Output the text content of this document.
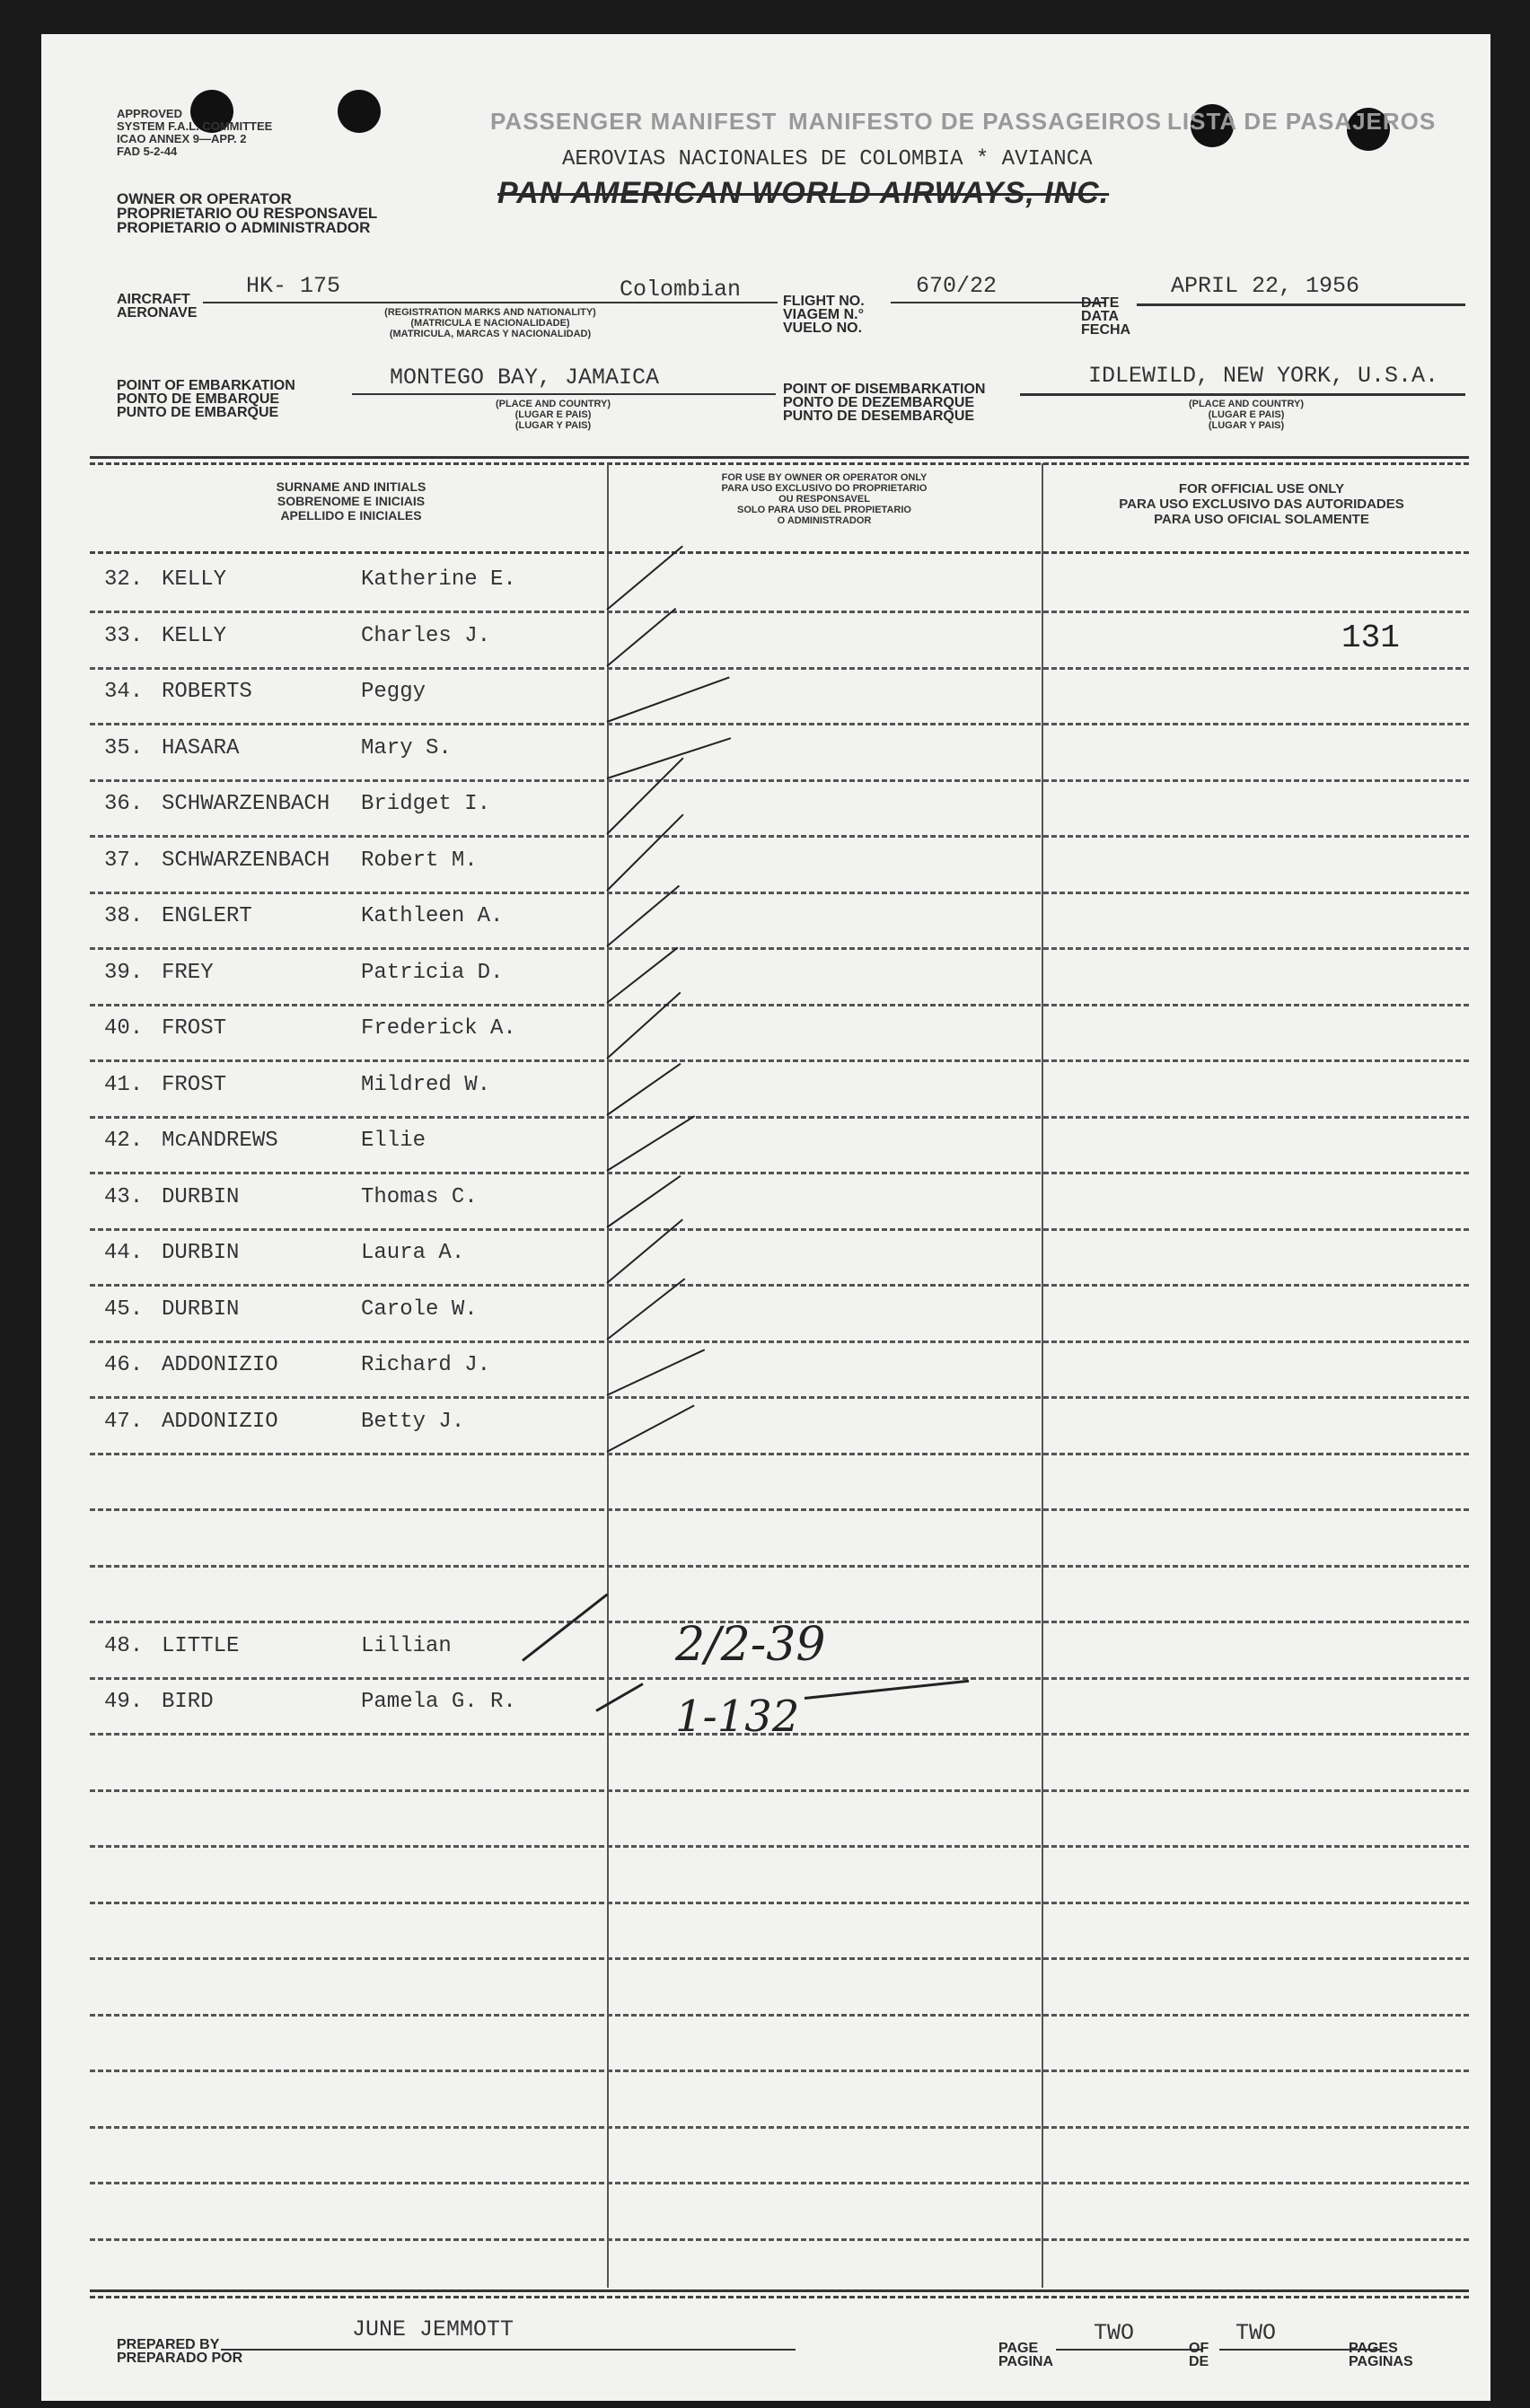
APPROVED
SYSTEM F.A.L. COMMITTEE
ICAO ANNEX 9—APP. 2
FAD 5-2-44
OWNER OR OPERATOR
PROPRIETARIO OU RESPONSAVEL
PROPIETARIO O ADMINISTRADOR
PASSENGER MANIFEST MANIFESTO DE PASSAGEIROS LISTA DE PASAJEROS
AEROVIAS NACIONALES DE COLOMBIA * AVIANCA
PAN AMERICAN WORLD AIRWAYS, INC.
AIRCRAFT
AERONAVE
HK- 175	Colombian
(REGISTRATION MARKS AND NATIONALITY)
(MATRICULA E NACIONALIDADE)
(MATRICULA, MARCAS Y NACIONALIDAD)
FLIGHT NO.
VIAGEM N.°
VUELO NO.
670/22
DATE
DATA
FECHA
APRIL 22, 1956
POINT OF EMBARKATION
PONTO DE EMBARQUE
PUNTO DE EMBARQUE
MONTEGO BAY, JAMAICA
(PLACE AND COUNTRY)
(LUGAR E PAIS)
(LUGAR Y PAIS)
POINT OF DISEMBARKATION
PONTO DE DEZEMBARQUE
PUNTO DE DESEMBARQUE
IDLEWILD, NEW YORK, U.S.A.
(PLACE AND COUNTRY)
(LUGAR E PAIS)
(LUGAR Y PAIS)
SURNAME AND INITIALS
SOBRENOME E INICIAIS
APELLIDO E INICIALES
FOR USE BY OWNER OR OPERATOR ONLY
PARA USO EXCLUSIVO DO PROPRIETARIO
OU RESPONSAVEL
SOLO PARA USO DEL PROPIETARIO
O ADMINISTRADOR
FOR OFFICIAL USE ONLY
PARA USO EXCLUSIVO DAS AUTORIDADES
PARA USO OFICIAL SOLAMENTE
32. KELLY	Katherine E.
33. KELLY	Charles J.
34. ROBERTS	Peggy
35. HASARA	Mary S.
36. SCHWARZENBACH Bridget I.
37. SCHWARZENBACH Robert M.
38. ENGLERT	Kathleen A.
39. FREY	Patricia D.
40. FROST	Frederick A.
41. FROST	Mildred W.
42. McANDREWS	Ellie
43. DURBIN	Thomas C.
44. DURBIN	Laura A.
45. DURBIN	Carole W.
46. ADDONIZIO	Richard J.
47. ADDONIZIO	Betty J.
48. LITTLE	Lillian
49. BIRD	Pamela G. R.
131
2/2-39
1-132
PREPARED BY
PREPARADO POR
JUNE JEMMOTT
PAGE
PAGINA
TWO
OF
DE
TWO
PAGES
PAGINAS
